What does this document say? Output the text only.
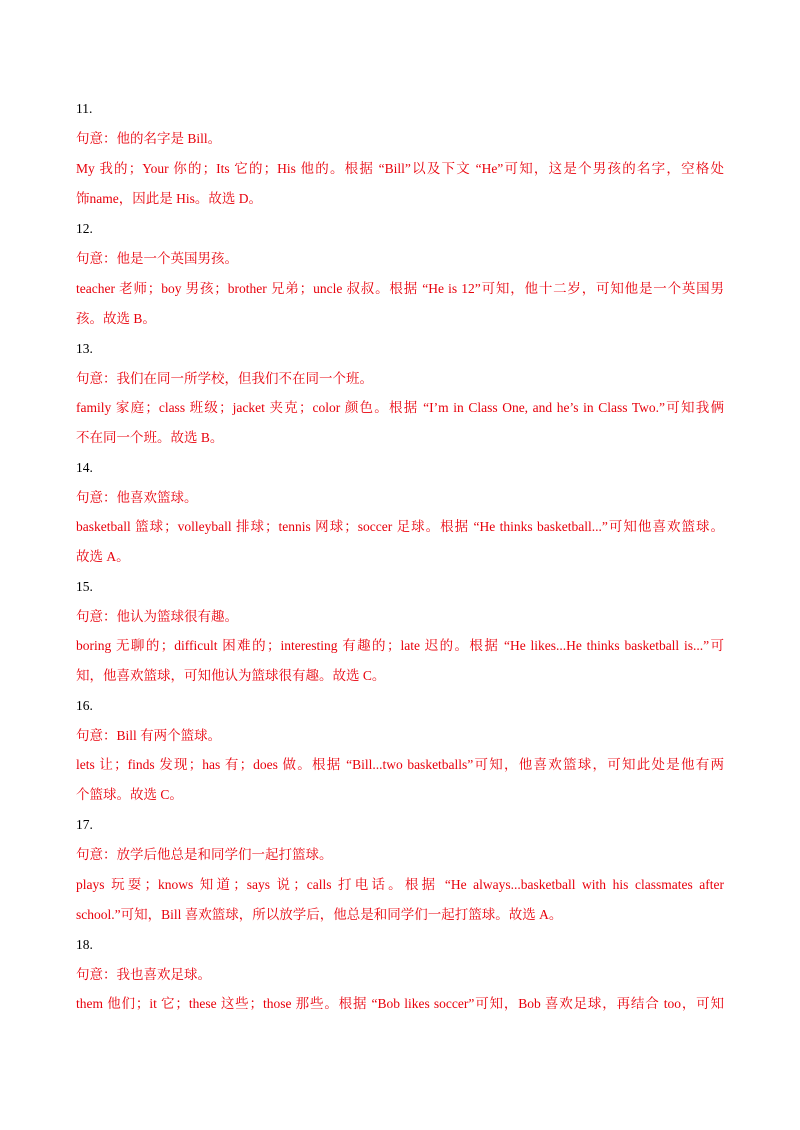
11.
句意：他的名字是 Bill。
My 我的；Your 你的；Its 它的；His 他的。根据 “Bill”以及下文 “He”可知，这是个男孩的名字，空格处
饰name，因此是 His。故选 D。
12.
句意：他是一个英国男孩。
teacher 老师；boy 男孩；brother 兄弟；uncle 叔叔。根据 “He is 12”可知，他十二岁，可知他是一个英国男
孩。故选 B。
13.
句意：我们在同一所学校，但我们不在同一个班。
family 家庭；class 班级；jacket 夹克；color 颜色。根据 “I’m in Class One, and he’s in Class Two.”可知我俩
不在同一个班。故选 B。
14.
句意：他喜欢篮球。
basketball 篮球；volleyball 排球；tennis 网球；soccer 足球。根据 “He thinks basketball...”可知他喜欢篮球。
故选 A。
15.
句意：他认为篮球很有趣。
boring 无聊的；difficult 困难的；interesting 有趣的；late 迟的。根据 “He likes...He thinks basketball is...”可
知，他喜欢篮球，可知他认为篮球很有趣。故选 C。
16.
句意：Bill 有两个篮球。
lets 让；finds 发现；has 有；does 做。根据 “Bill...two basketballs”可知，他喜欢篮球，可知此处是他有两
个篮球。故选 C。
17.
句意：放学后他总是和同学们一起打篮球。
plays 玩耍；knows 知道；says 说；calls 打电话。根据 “He always...basketball with his classmates after
school.”可知，Bill 喜欢篮球，所以放学后，他总是和同学们一起打篮球。故选 A。
18.
句意：我也喜欢足球。
them 他们；it 它；these 这些；those 那些。根据 “Bob likes soccer”可知，Bob 喜欢足球，再结合 too，可知
